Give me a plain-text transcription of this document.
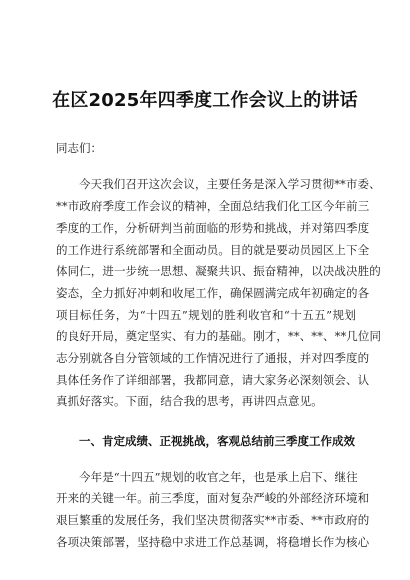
在区2025年四季度工作会议上的讲话
同志们：
今天我们召开这次会议，主要任务是深入学习贯彻**市委、
**市政府季度工作会议的精神，全面总结我们化工区今年前三
季度的工作，分析研判当前面临的形势和挑战，并对第四季度
的工作进行系统部署和全面动员。目的就是要动员园区上下全
体同仁，进一步统一思想、凝聚共识、振奋精神，以决战决胜的
姿态，全力抓好冲刺和收尾工作，确保圆满完成年初确定的各
项目标任务，为“十四五”规划的胜利收官和“十五五”规划
的良好开局，奠定坚实、有力的基础。刚才，**、**、**几位同
志分别就各自分管领域的工作情况进行了通报，并对四季度的
具体任务作了详细部署，我都同意，请大家务必深刻领会、认
真抓好落实。下面，结合我的思考，再讲四点意见。
一、肯定成绩、正视挑战，客观总结前三季度工作成效
今年是“十四五”规划的收官之年，也是承上启下、继往
开来的关键一年。前三季度，面对复杂严峻的外部经济环境和
艰巨繁重的发展任务，我们坚决贯彻落实**市委、**市政府的
各项决策部署，坚持稳中求进工作总基调，将稳增长作为核心
